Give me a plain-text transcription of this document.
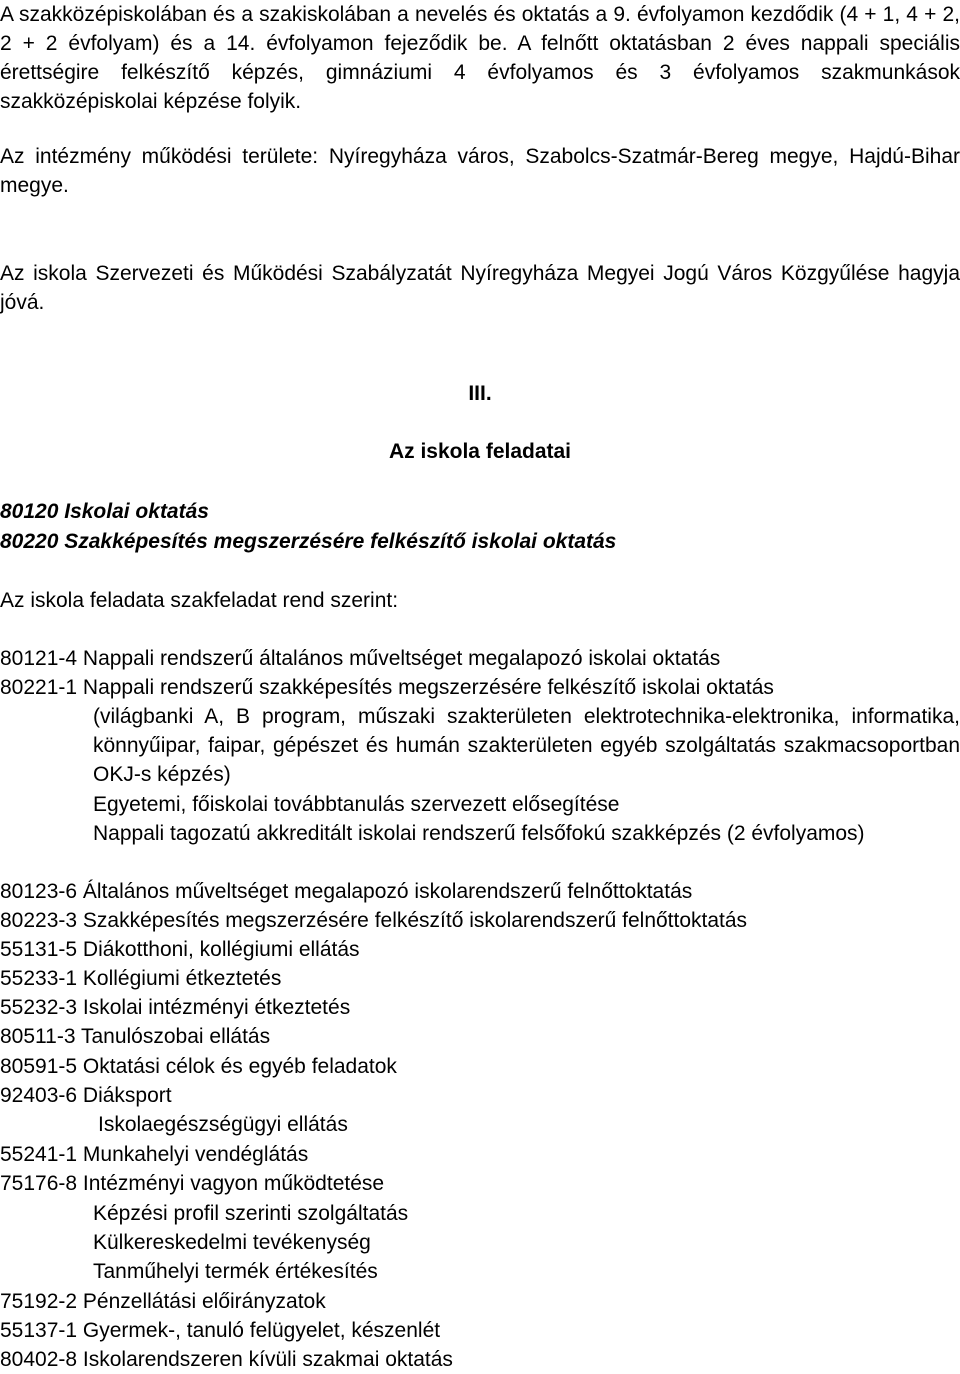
A szakközépiskolában és a szakiskolában a nevelés és oktatás a 9. évfolyamon kezdődik (4 + 1, 4 + 2, 2 + 2 évfolyam) és a 14. évfolyamon fejeződik be. A felnőtt oktatásban 2 éves nappali speciális érettségire felkészítő képzés, gimnáziumi 4 évfolyamos és 3 évfolyamos szakmunkások szakközépiskolai képzése folyik.

Az intézmény működési területe: Nyíregyháza város, Szabolcs-Szatmár-Bereg megye, Hajdú-Bihar megye.

Az iskola Szervezeti és Működési Szabályzatát Nyíregyháza Megyei Jogú Város Közgyűlése hagyja jóvá.

III.
Az iskola feladatai
80120 Iskolai oktatás
80220 Szakképesítés megszerzésére felkészítő iskolai oktatás
Az iskola feladata szakfeladat rend szerint:
80121-4 Nappali rendszerű általános műveltséget megalapozó iskolai oktatás
80221-1 Nappali rendszerű szakképesítés megszerzésére felkészítő iskolai oktatás
(világbanki A, B program, műszaki szakterületen elektrotechnika-elektronika, informatika, könnyűipar, faipar, gépészet és humán szakterületen egyéb szolgáltatás szakmacsoportban OKJ-s képzés)
Egyetemi, főiskolai továbbtanulás szervezett elősegítése
Nappali tagozatú akkreditált iskolai rendszerű felsőfokú szakképzés (2 évfolyamos)
80123-6 Általános műveltséget megalapozó iskolarendszerű felnőttoktatás
80223-3 Szakképesítés megszerzésére felkészítő iskolarendszerű felnőttoktatás
55131-5 Diákotthoni, kollégiumi ellátás
55233-1 Kollégiumi étkeztetés
55232-3 Iskolai intézményi étkeztetés
80511-3 Tanulószobai ellátás
80591-5 Oktatási célok és egyéb feladatok
92403-6 Diáksport
Iskolaegészségügyi ellátás
55241-1 Munkahelyi vendéglátás
75176-8 Intézményi vagyon működtetése
Képzési profil szerinti szolgáltatás
Külkereskedelmi tevékenység
Tanműhelyi termék értékesítés
75192-2 Pénzellátási előirányzatok
55137-1 Gyermek-, tanuló felügyelet, készenlét
80402-8 Iskolarendszeren kívüli szakmai oktatás
